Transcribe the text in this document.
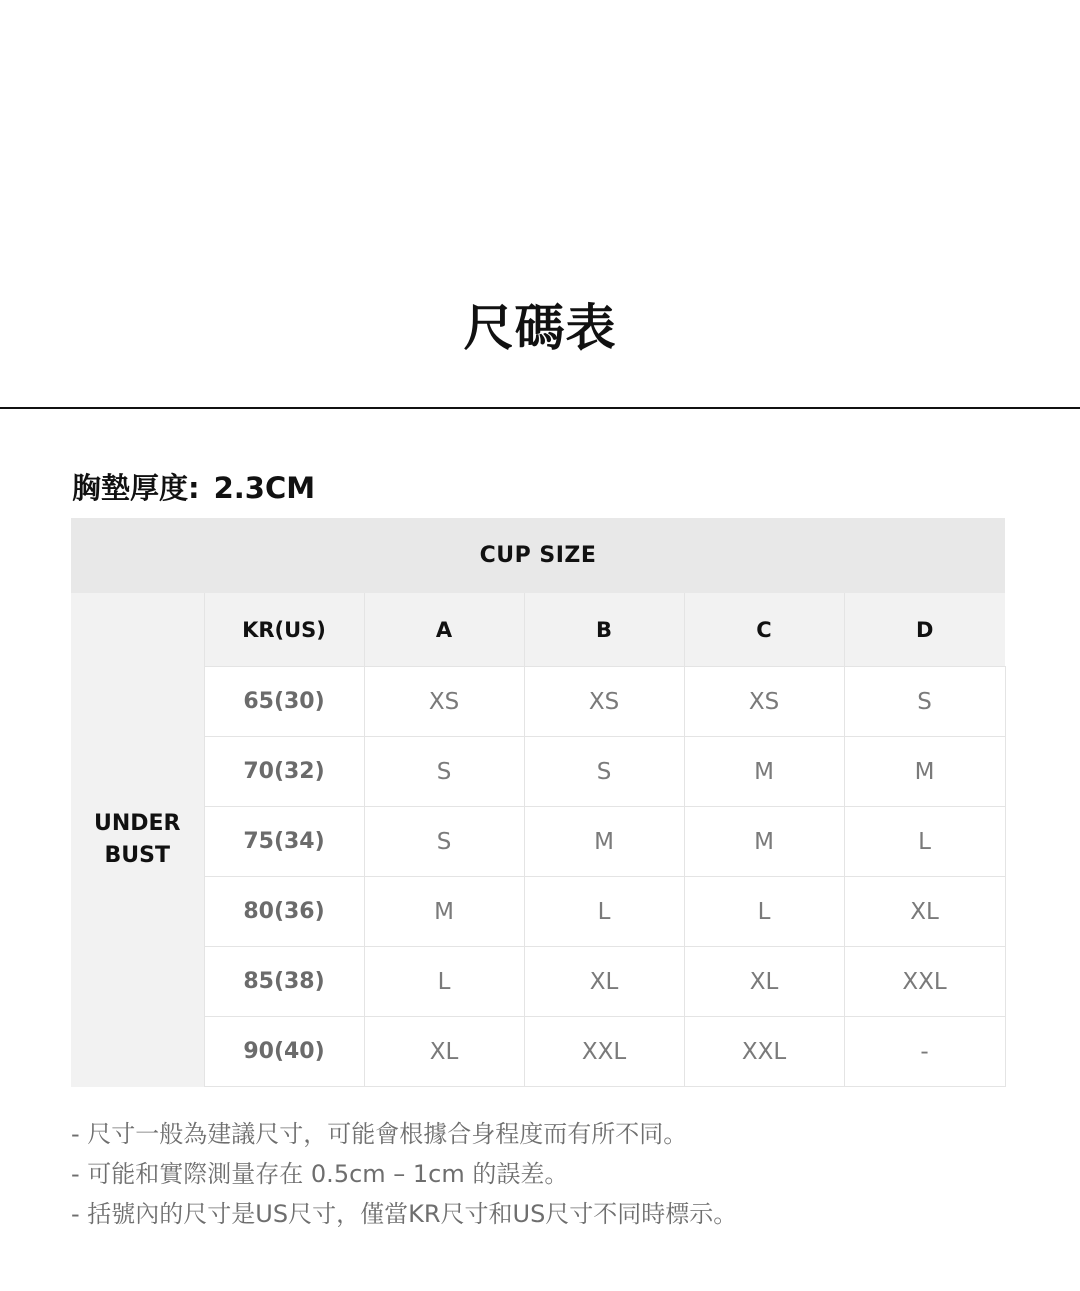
尺碼表
胸墊厚度: 2.3CM
CUP SIZE					

UNDER
BUST	KR(US)	A	B	C	D
	65(30)	XS	XS	XS	S
	70(32)	S	S	M	M
	75(34)	S	M	M	L
	80(36)	M	L	L	XL
	85(38)	L	XL	XL	XXL
	90(40)	XL	XXL	XXL	-
- 尺寸一般為建議尺寸，可能會根據合身程度而有所不同。
- 可能和實際測量存在 0.5cm – 1cm 的誤差。
- 括號內的尺寸是US尺寸，僅當KR尺寸和US尺寸不同時標示。
